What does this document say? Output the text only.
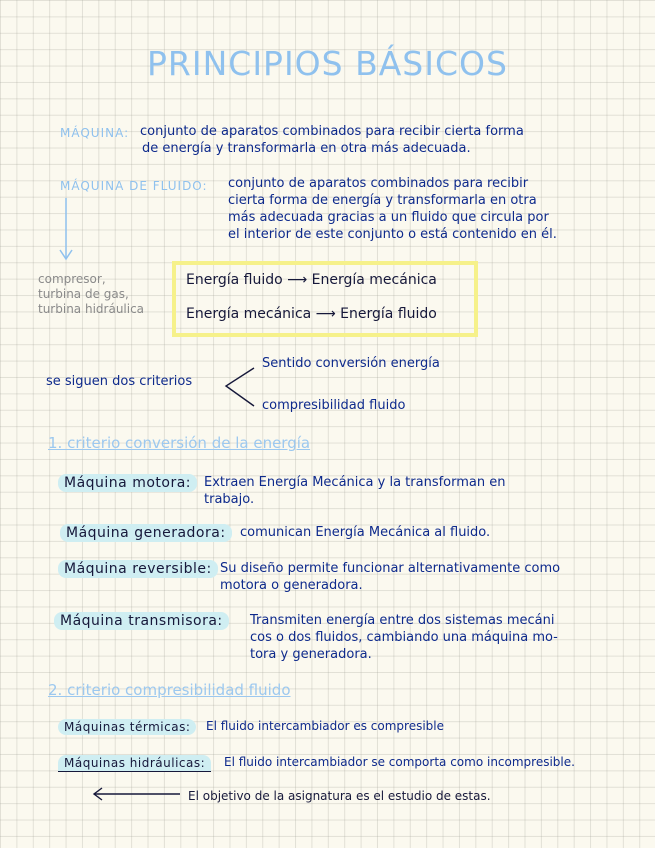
PRINCIPIOS BÁSICOS
MÁQUINA: conjunto de aparatos combinados para recibir cierta forma
de energía y transformarla en otra más adecuada.
MÁQUINA DE FLUIDO: conjunto de aparatos combinados para recibir
cierta forma de energía y transformarla en otra
más adecuada gracias a un fluido que circula por
el interior de este conjunto o está contenido en él.
compresor,
turbina de gas,
turbina hidráulica
Energía fluido ⟶ Energía mecánica
Energía mecánica ⟶ Energía fluido
se siguen dos criterios
Sentido conversión energía
compresibilidad fluido
1. criterio conversión de la energía
Máquina motora: Extraen Energía Mecánica y la transforman en
trabajo.
Máquina generadora:	comunican Energía Mecánica al fluido.
Máquina reversible: Su diseño permite funcionar alternativamente como
motora o generadora.
Máquina transmisora:	Transmiten energía entre dos sistemas mecáni
cos o dos fluidos, cambiando una máquina mo-
tora y generadora.
2. criterio compresibilidad fluido
Máquinas térmicas:	El fluido intercambiador es compresible
Máquinas hidráulicas:	El fluido intercambiador se comporta como incompresible.
El objetivo de la asignatura es el estudio de estas.
